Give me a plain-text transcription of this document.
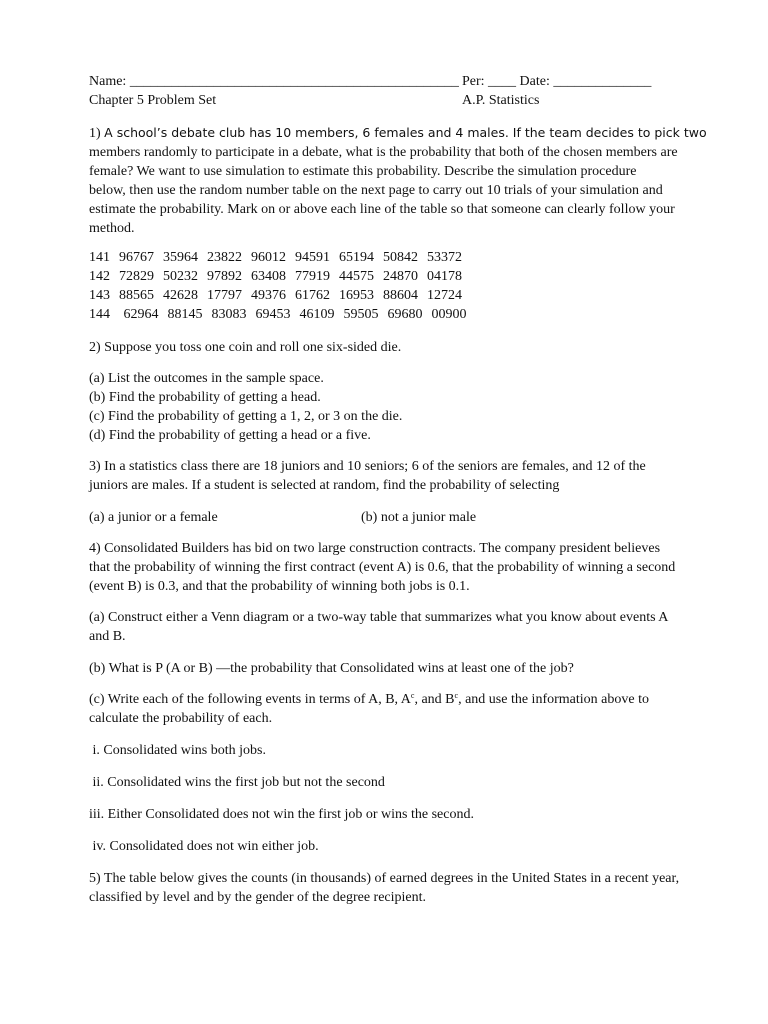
Name: _______________________________________________ Per: ____ Date: ______________
Chapter 5 Problem Set	A.P. Statistics
1) A school’s debate club has 10 members, 6 females and 4 males. If the team decides to pick two
members randomly to participate in a debate, what is the probability that both of the chosen members are
female? We want to use simulation to estimate this probability. Describe the simulation procedure
below, then use the random number table on the next page to carry out 10 trials of your simulation and
estimate the probability. Mark on or above each line of the table so that someone can clearly follow your
method.
141  96767  35964  23822  96012  94591  65194  50842  53372
142  72829  50232  97892  63408  77919  44575  24870  04178
143  88565  42628  17797  49376  61762  16953  88604  12724
144   62964  88145  83083  69453  46109  59505  69680  00900
2) Suppose you toss one coin and roll one six-sided die.
(a) List the outcomes in the sample space.
(b) Find the probability of getting a head.
(c) Find the probability of getting a 1, 2, or 3 on the die.
(d) Find the probability of getting a head or a five.
3) In a statistics class there are 18 juniors and 10 seniors; 6 of the seniors are females, and 12 of the
juniors are males. If a student is selected at random, find the probability of selecting
(a) a junior or a female	(b) not a junior male
4) Consolidated Builders has bid on two large construction contracts. The company president believes
that the probability of winning the first contract (event A) is 0.6, that the probability of winning a second
(event B) is 0.3, and that the probability of winning both jobs is 0.1.
(a) Construct either a Venn diagram or a two-way table that summarizes what you know about events A
and B.
(b) What is P (A or B) —the probability that Consolidated wins at least one of the job?
(c) Write each of the following events in terms of A, B, $A^c$, and $B^c$, and use the information above to
calculate the probability of each.
i. Consolidated wins both jobs.
ii. Consolidated wins the first job but not the second
iii. Either Consolidated does not win the first job or wins the second.
iv. Consolidated does not win either job.
5) The table below gives the counts (in thousands) of earned degrees in the United States in a recent year,
classified by level and by the gender of the degree recipient.
